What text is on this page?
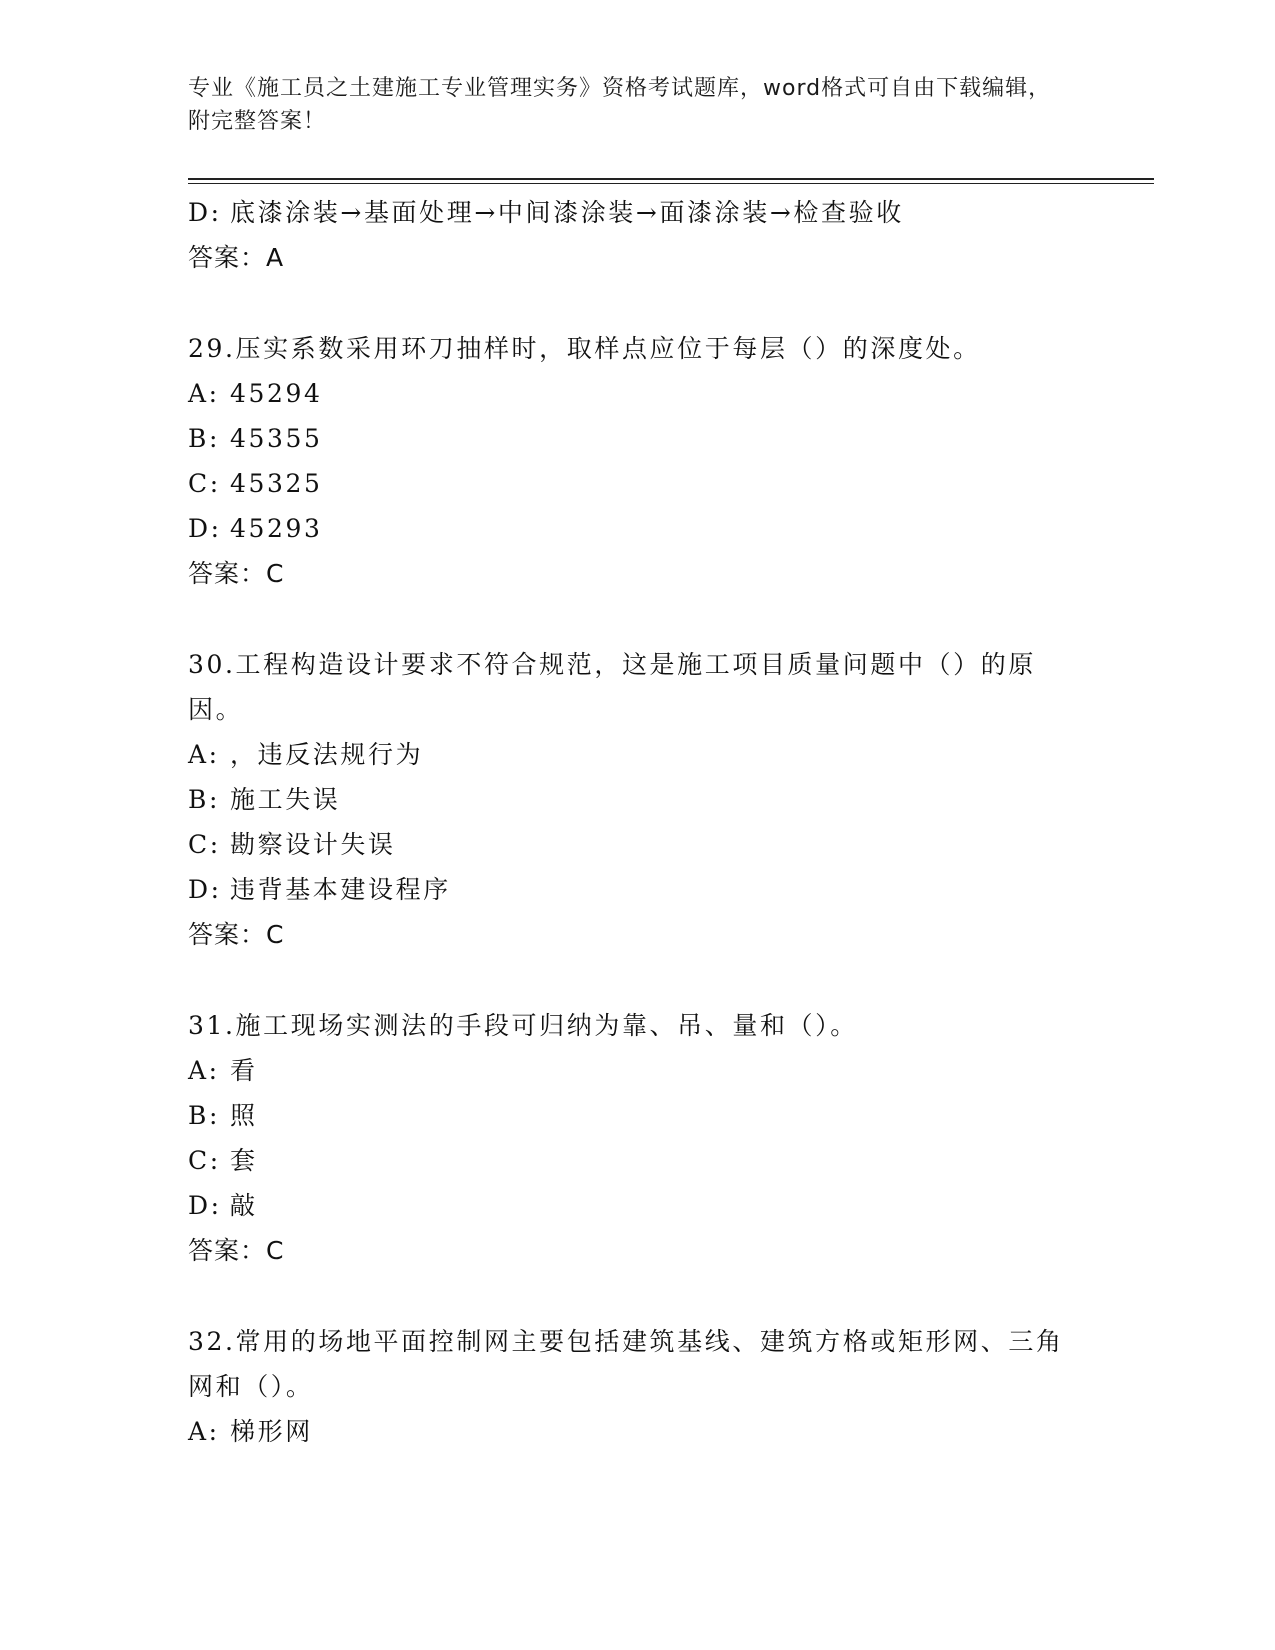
专业《施工员之土建施工专业管理实务》资格考试题库，word格式可自由下载编辑，附完整答案！
D: 底漆涂装→基面处理→中间漆涂装→面漆涂装→检查验收
答案：A
29.压实系数采用环刀抽样时，取样点应位于每层（）的深度处。
A: 45294
B: 45355
C: 45325
D: 45293
答案：C
30.工程构造设计要求不符合规范，这是施工项目质量问题中（）的原因。
A: ，违反法规行为
B: 施工失误
C: 勘察设计失误
D: 违背基本建设程序
答案：C
31.施工现场实测法的手段可归纳为靠、吊、量和（）。
A: 看
B: 照
C: 套
D: 敲
答案：C
32.常用的场地平面控制网主要包括建筑基线、建筑方格或矩形网、三角网和（）。
A: 梯形网
